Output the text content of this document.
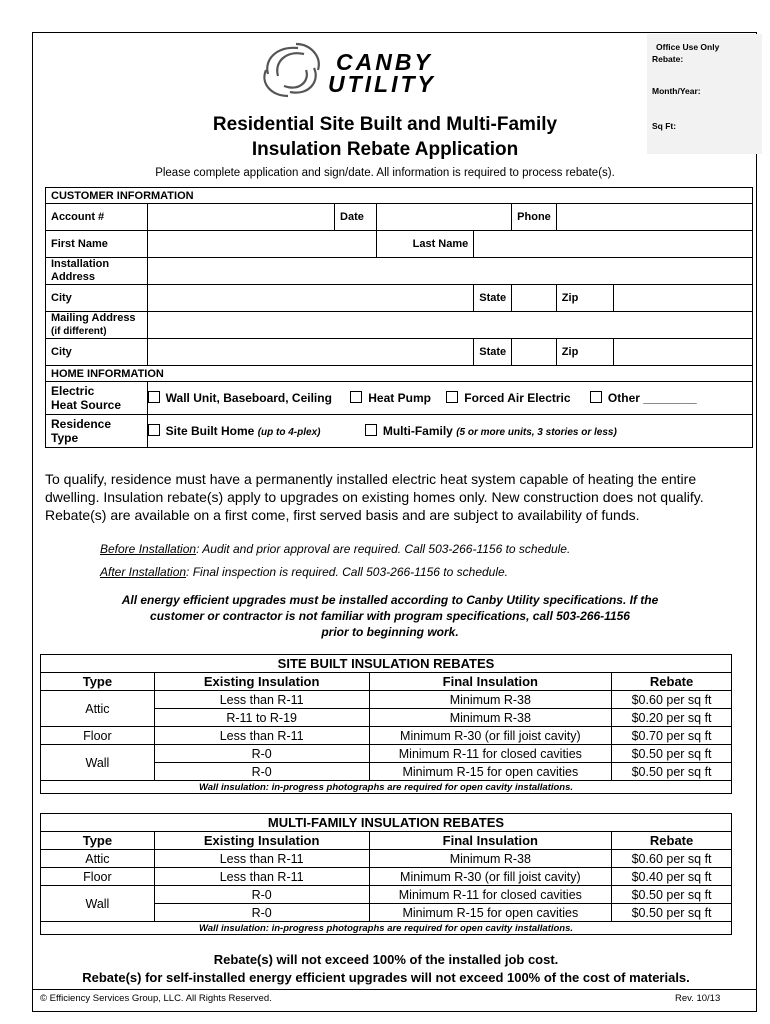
CANBY
UTILITY
Office Use Only
Rebate:
Month/Year:
Sq Ft:
Residential Site Built and Multi-Family
Insulation Rebate Application
Please complete application and sign/date. All information is required to process rebate(s).
CUSTOMER INFORMATION							
Account #		Date			Phone		
First Name			Last Name				

Installation
Address							

City				State		Zip	

Mailing Address
(if different)							

City				State		Zip	
HOME INFORMATION							

Electric
Heat Source	Wall Unit, Baseboard, Ceiling Heat Pump Forced Air Electric Other ________						

Residence
Type	Site Built Home (up to 4-plex) Multi-Family (5 or more units, 3 stories or less)						
To qualify, residence must have a permanently installed electric heat system capable of heating the entire dwelling. Insulation rebate(s) apply to upgrades on existing homes only. New construction does not qualify. Rebate(s) are available on a first come, first served basis and are subject to availability of funds.
Before Installation: Audit and prior approval are required. Call 503-266-1156 to schedule.
After Installation: Final inspection is required. Call 503-266-1156 to schedule.
All energy efficient upgrades must be installed according to Canby Utility specifications. If the
customer or contractor is not familiar with program specifications, call 503-266-1156
prior to beginning work.
SITE BUILT INSULATION REBATES			
Type	Existing Insulation	Final Insulation	Rebate
Attic	Less than R-11	Minimum R-38	$0.60 per sq ft
	R-11 to R-19	Minimum R-38	$0.20 per sq ft
Floor	Less than R-11	Minimum R-30 (or fill joist cavity)	$0.70 per sq ft
Wall	R-0	Minimum R-11 for closed cavities	$0.50 per sq ft
	R-0	Minimum R-15 for open cavities	$0.50 per sq ft
Wall insulation: in-progress photographs are required for open cavity installations.			
MULTI-FAMILY INSULATION REBATES			
Type	Existing Insulation	Final Insulation	Rebate
Attic	Less than R-11	Minimum R-38	$0.60 per sq ft
Floor	Less than R-11	Minimum R-30 (or fill joist cavity)	$0.40 per sq ft
Wall	R-0	Minimum R-11 for closed cavities	$0.50 per sq ft
	R-0	Minimum R-15 for open cavities	$0.50 per sq ft
Wall insulation: in-progress photographs are required for open cavity installations.			
Rebate(s) will not exceed 100% of the installed job cost.
Rebate(s) for self-installed energy efficient upgrades will not exceed 100% of the cost of materials.
© Efficiency Services Group, LLC. All Rights Reserved.	Rev. 10/13
